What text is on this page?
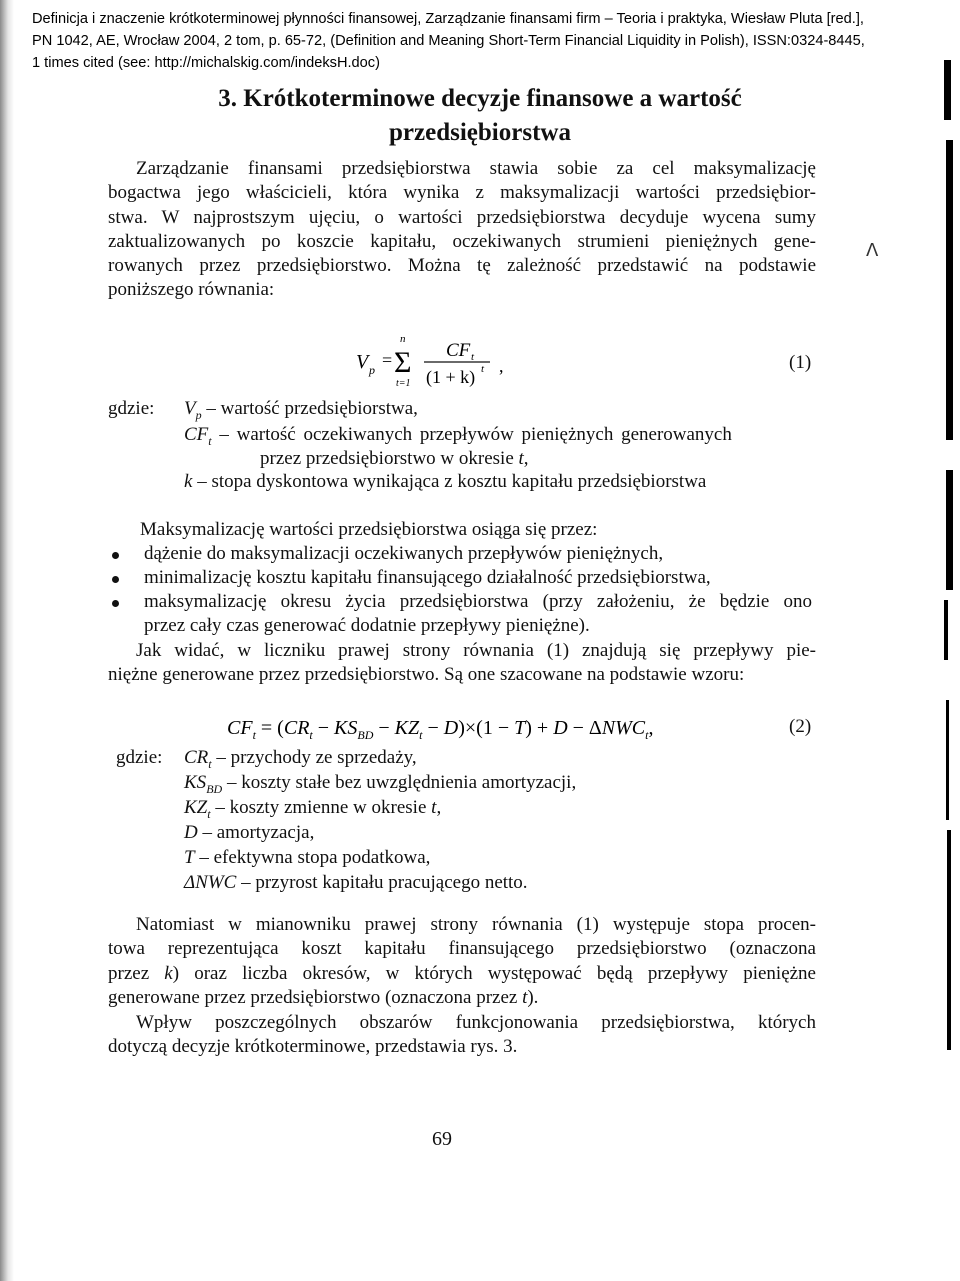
Definicja i znaczenie krótkoterminowej płynności finansowej, Zarządzanie finansami firm – Teoria i praktyka, Wiesław Pluta [red.],
PN 1042, AE, Wrocław 2004, 2 tom, p. 65-72, (Definition and Meaning Short-Term Financial Liquidity in Polish), ISSN:0324-8445,
1 times cited (see: http://michalskig.com/indeksH.doc)
3. Krótkoterminowe decyzje finansowe a wartość
przedsiębiorstwa
Zarządzanie finansami przedsiębiorstwa stawia sobie za cel maksymalizację
bogactwa jego właścicieli, która wynika z maksymalizacji wartości przedsiębior-
stwa. W najprostszym ujęciu, o wartości przedsiębiorstwa decyduje wycena sumy
zaktualizowanych po koszcie kapitału, oczekiwanych strumieni pieniężnych gene-
rowanych przez przedsiębiorstwo. Można tę zależność przedstawić na podstawie
poniższego równania:
V p =
n
Σ
t=1
CF t
(1 + k) t ,	(1)
gdzie: $V_p$ – wartość przedsiębiorstwa,
$CF_t$ – wartość oczekiwanych przepływów pieniężnych generowanych
przez przedsiębiorstwo w okresie t,
k – stopa dyskontowa wynikająca z kosztu kapitału przedsiębiorstwa
Maksymalizację wartości przedsiębiorstwa osiąga się przez:
dążenie do maksymalizacji oczekiwanych przepływów pieniężnych,
minimalizację kosztu kapitału finansującego działalność przedsiębiorstwa,
maksymalizację okresu życia przedsiębiorstwa (przy założeniu, że będzie ono
przez cały czas generować dodatnie przepływy pieniężne).
Jak widać, w liczniku prawej strony równania (1) znajdują się przepływy pie-
niężne generowane przez przedsiębiorstwo. Są one szacowane na podstawie wzoru:
$CF_t = (CR_t - KS_{BD} - KZ_t - D)\times(1 - T) + D - \Delta NWC_t$,	(2)
gdzie: $CR_t$ – przychody ze sprzedaży,
$KS_{BD}$ – koszty stałe bez uwzględnienia amortyzacji,
$KZ_t$ – koszty zmienne w okresie t,
D – amortyzacja,
T – efektywna stopa podatkowa,
ΔNWC – przyrost kapitału pracującego netto.
Natomiast w mianowniku prawej strony równania (1) występuje stopa procen-
towa reprezentująca koszt kapitału finansującego przedsiębiorstwo (oznaczona
przez k) oraz liczba okresów, w których występować będą przepływy pieniężne
generowane przez przedsiębiorstwo (oznaczona przez t).
Wpływ poszczególnych obszarów funkcjonowania przedsiębiorstwa, których
dotyczą decyzje krótkoterminowe, przedstawia rys. 3.
69
ᐱ
